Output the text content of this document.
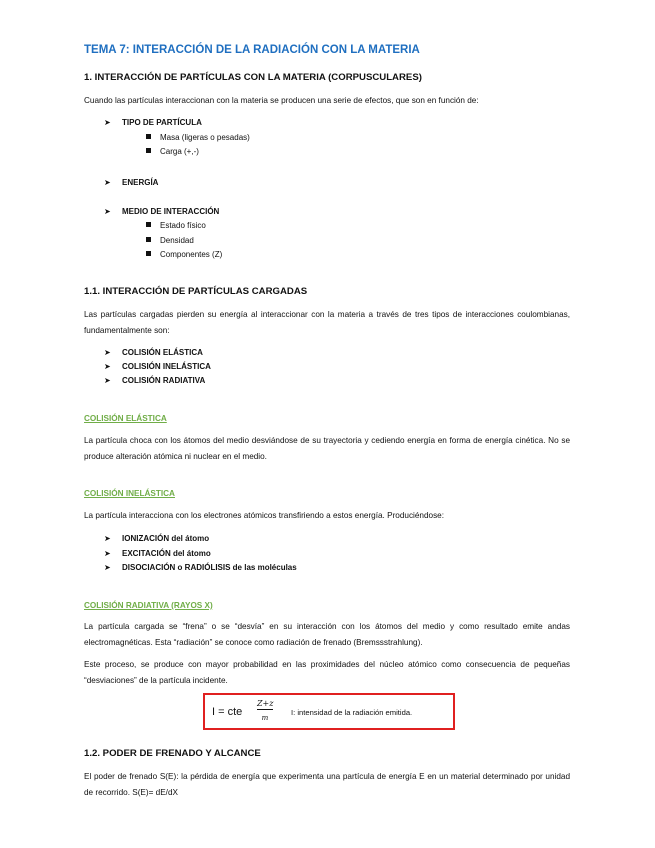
TEMA 7: INTERACCIÓN DE LA RADIACIÓN CON LA MATERIA
1. INTERACCIÓN DE PARTÍCULAS CON LA MATERIA (CORPUSCULARES)
Cuando las partículas interaccionan con la materia se producen una serie de efectos, que son en función de:
➤ TIPO DE PARTÍCULA
Masa (ligeras o pesadas)
Carga (+,-)
➤ ENERGÍA
➤ MEDIO DE INTERACCIÓN
Estado físico
Densidad
Componentes (Z)
1.1. INTERACCIÓN DE PARTÍCULAS CARGADAS
Las partículas cargadas pierden su energía al interaccionar con la materia a través de tres tipos de interacciones coulombianas, fundamentalmente son:
➤ COLISIÓN ELÁSTICA
➤ COLISIÓN INELÁSTICA
➤ COLISIÓN RADIATIVA
COLISIÓN ELÁSTICA
La partícula choca con los átomos del medio desviándose de su trayectoria y cediendo energía en forma de energía cinética. No se produce alteración atómica ni nuclear en el medio.
COLISIÓN INELÁSTICA
La partícula interacciona con los electrones atómicos transfiriendo a estos energía. Produciéndose:
➤ IONIZACIÓN del átomo
➤ EXCITACIÓN del átomo
➤ DISOCIACIÓN o RADIÓLISIS de las moléculas
COLISIÓN RADIATIVA (RAYOS X)
La partícula cargada se “frena” o se “desvía” en su interacción con los átomos del medio y como resultado emite andas electromagnéticas. Esta “radiación” se conoce como radiación de frenado (Bremssstrahlung).
Este proceso, se produce con mayor probabilidad en las proximidades del núcleo atómico como consecuencia de pequeñas “desviaciones” de la partícula incidente.
I = cte
Z+z
m
I: intensidad de la radiación emitida.
1.2. PODER DE FRENADO Y ALCANCE
El poder de frenado S(E): la pérdida de energía que experimenta una partícula de energía E en un material determinado por unidad de recorrido. S(E)= dE/dX
